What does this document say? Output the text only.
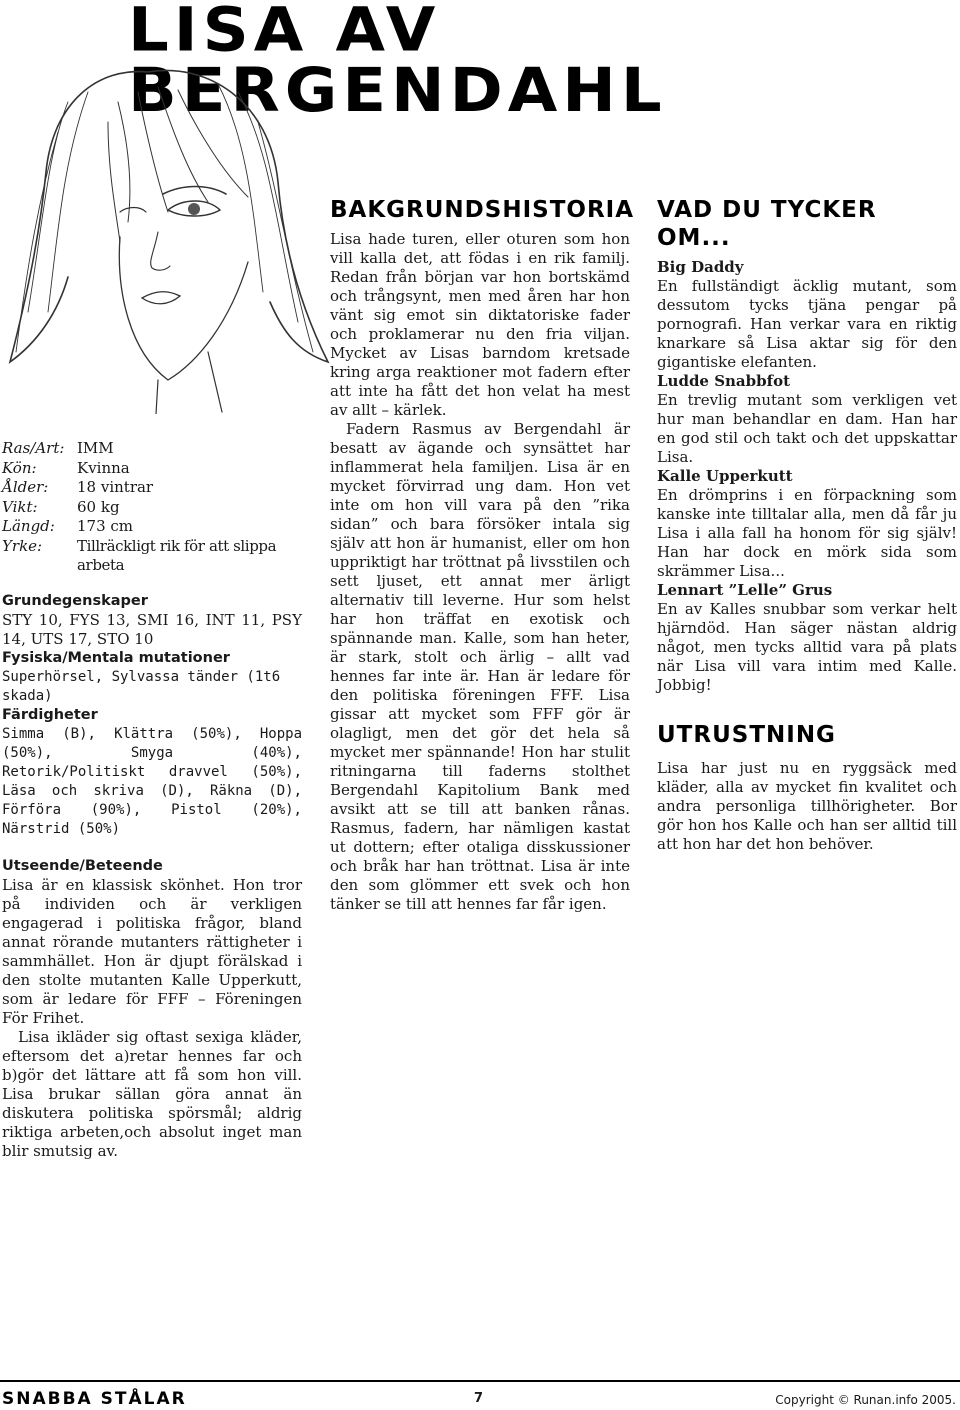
LISA AV BERGENDAHL
Ras/Art: IMM
Kön:	Kvinna
Ålder:	18 vintrar
Vikt:	60 kg
Längd:	173 cm
Yrke:	Tillräckligt rik för att slippa arbeta

Grundegenskaper

STY 10, FYS 13, SMI 16, INT 11, PSY 14, UTS 17, STO 10

Fysiska/Mentala mutationer

Superhörsel, Sylvassa tänder (1t6 skada)

Färdigheter

Simma (B), Klättra (50%), Hoppa (50%), Smyga (40%), Retorik/Politiskt dravvel (50%), Läsa och skriva (D), Räkna (D), Förföra (90%), Pistol (20%), Närstrid (50%)

Utseende/Beteende

Lisa är en klassisk skönhet. Hon tror på individen och är verkligen engagerad i politiska frågor, bland annat rörande mutanters rättigheter i sammhället. Hon är djupt förälskad i den stolte mutanten Kalle Upperkutt, som är ledare för FFF – Föreningen För Frihet.

Lisa ikläder sig oftast sexiga kläder, eftersom det a)retar hennes far och b)gör det lättare att få som hon vill. Lisa brukar sällan göra annat än diskutera politiska spörsmål; aldrig riktiga arbeten,och absolut inget man blir smutsig av.

BAKGRUNDSHISTORIA

Lisa hade turen, eller oturen som hon vill kalla det, att födas i en rik familj. Redan från början var hon bortskämd och trångsynt, men med åren har hon vänt sig emot sin diktatoriske fader och proklamerar nu den fria viljan. Mycket av Lisas barndom kretsade kring arga reaktioner mot fadern efter att inte ha fått det hon velat ha mest av allt – kärlek.

Fadern Rasmus av Bergendahl är besatt av ägande och synsättet har inflammerat hela familjen. Lisa är en mycket förvirrad ung dam. Hon vet inte om hon vill vara på den ”rika sidan” och bara försöker intala sig själv att hon är humanist, eller om hon uppriktigt har tröttnat på livsstilen och sett ljuset, ett annat mer ärligt alternativ till leverne. Hur som helst har hon träffat en exotisk och spännande man. Kalle, som han heter, är stark, stolt och ärlig – allt vad hennes far inte är. Han är ledare för den politiska föreningen FFF. Lisa gissar att mycket som FFF gör är olagligt, men det gör det hela så mycket mer spännande! Hon har stulit ritningarna till faderns stolthet Bergendahl Kapitolium Bank med avsikt att se till att banken rånas. Rasmus, fadern, har nämligen kastat ut dottern; efter otaliga disskussioner och bråk har han tröttnat. Lisa är inte den som glömmer ett svek och hon tänker se till att hennes far får igen.

VAD DU TYCKER OM...

Big Daddy

En fullständigt äcklig mutant, som dessutom tycks tjäna pengar på pornografi. Han verkar vara en riktig knarkare så Lisa aktar sig för den gigantiske elefanten.

Ludde Snabbfot

En trevlig mutant som verkligen vet hur man behandlar en dam. Han har en god stil och takt och det uppskattar Lisa.

Kalle Upperkutt

En drömprins i en förpackning som kanske inte tilltalar alla, men då får ju Lisa i alla fall ha honom för sig själv! Han har dock en mörk sida som skrämmer Lisa...

Lennart ”Lelle” Grus

En av Kalles snubbar som verkar helt hjärndöd. Han säger nästan aldrig något, men tycks alltid vara på plats när Lisa vill vara intim med Kalle. Jobbig!

UTRUSTNING

Lisa har just nu en ryggsäck med kläder, alla av mycket fin kvalitet och andra personliga tillhörigheter. Bor gör hon hos Kalle och han ser alltid till att hon har det hon behöver.

SNABBA STÅLAR	7	Copyright © Runan.info 2005.
